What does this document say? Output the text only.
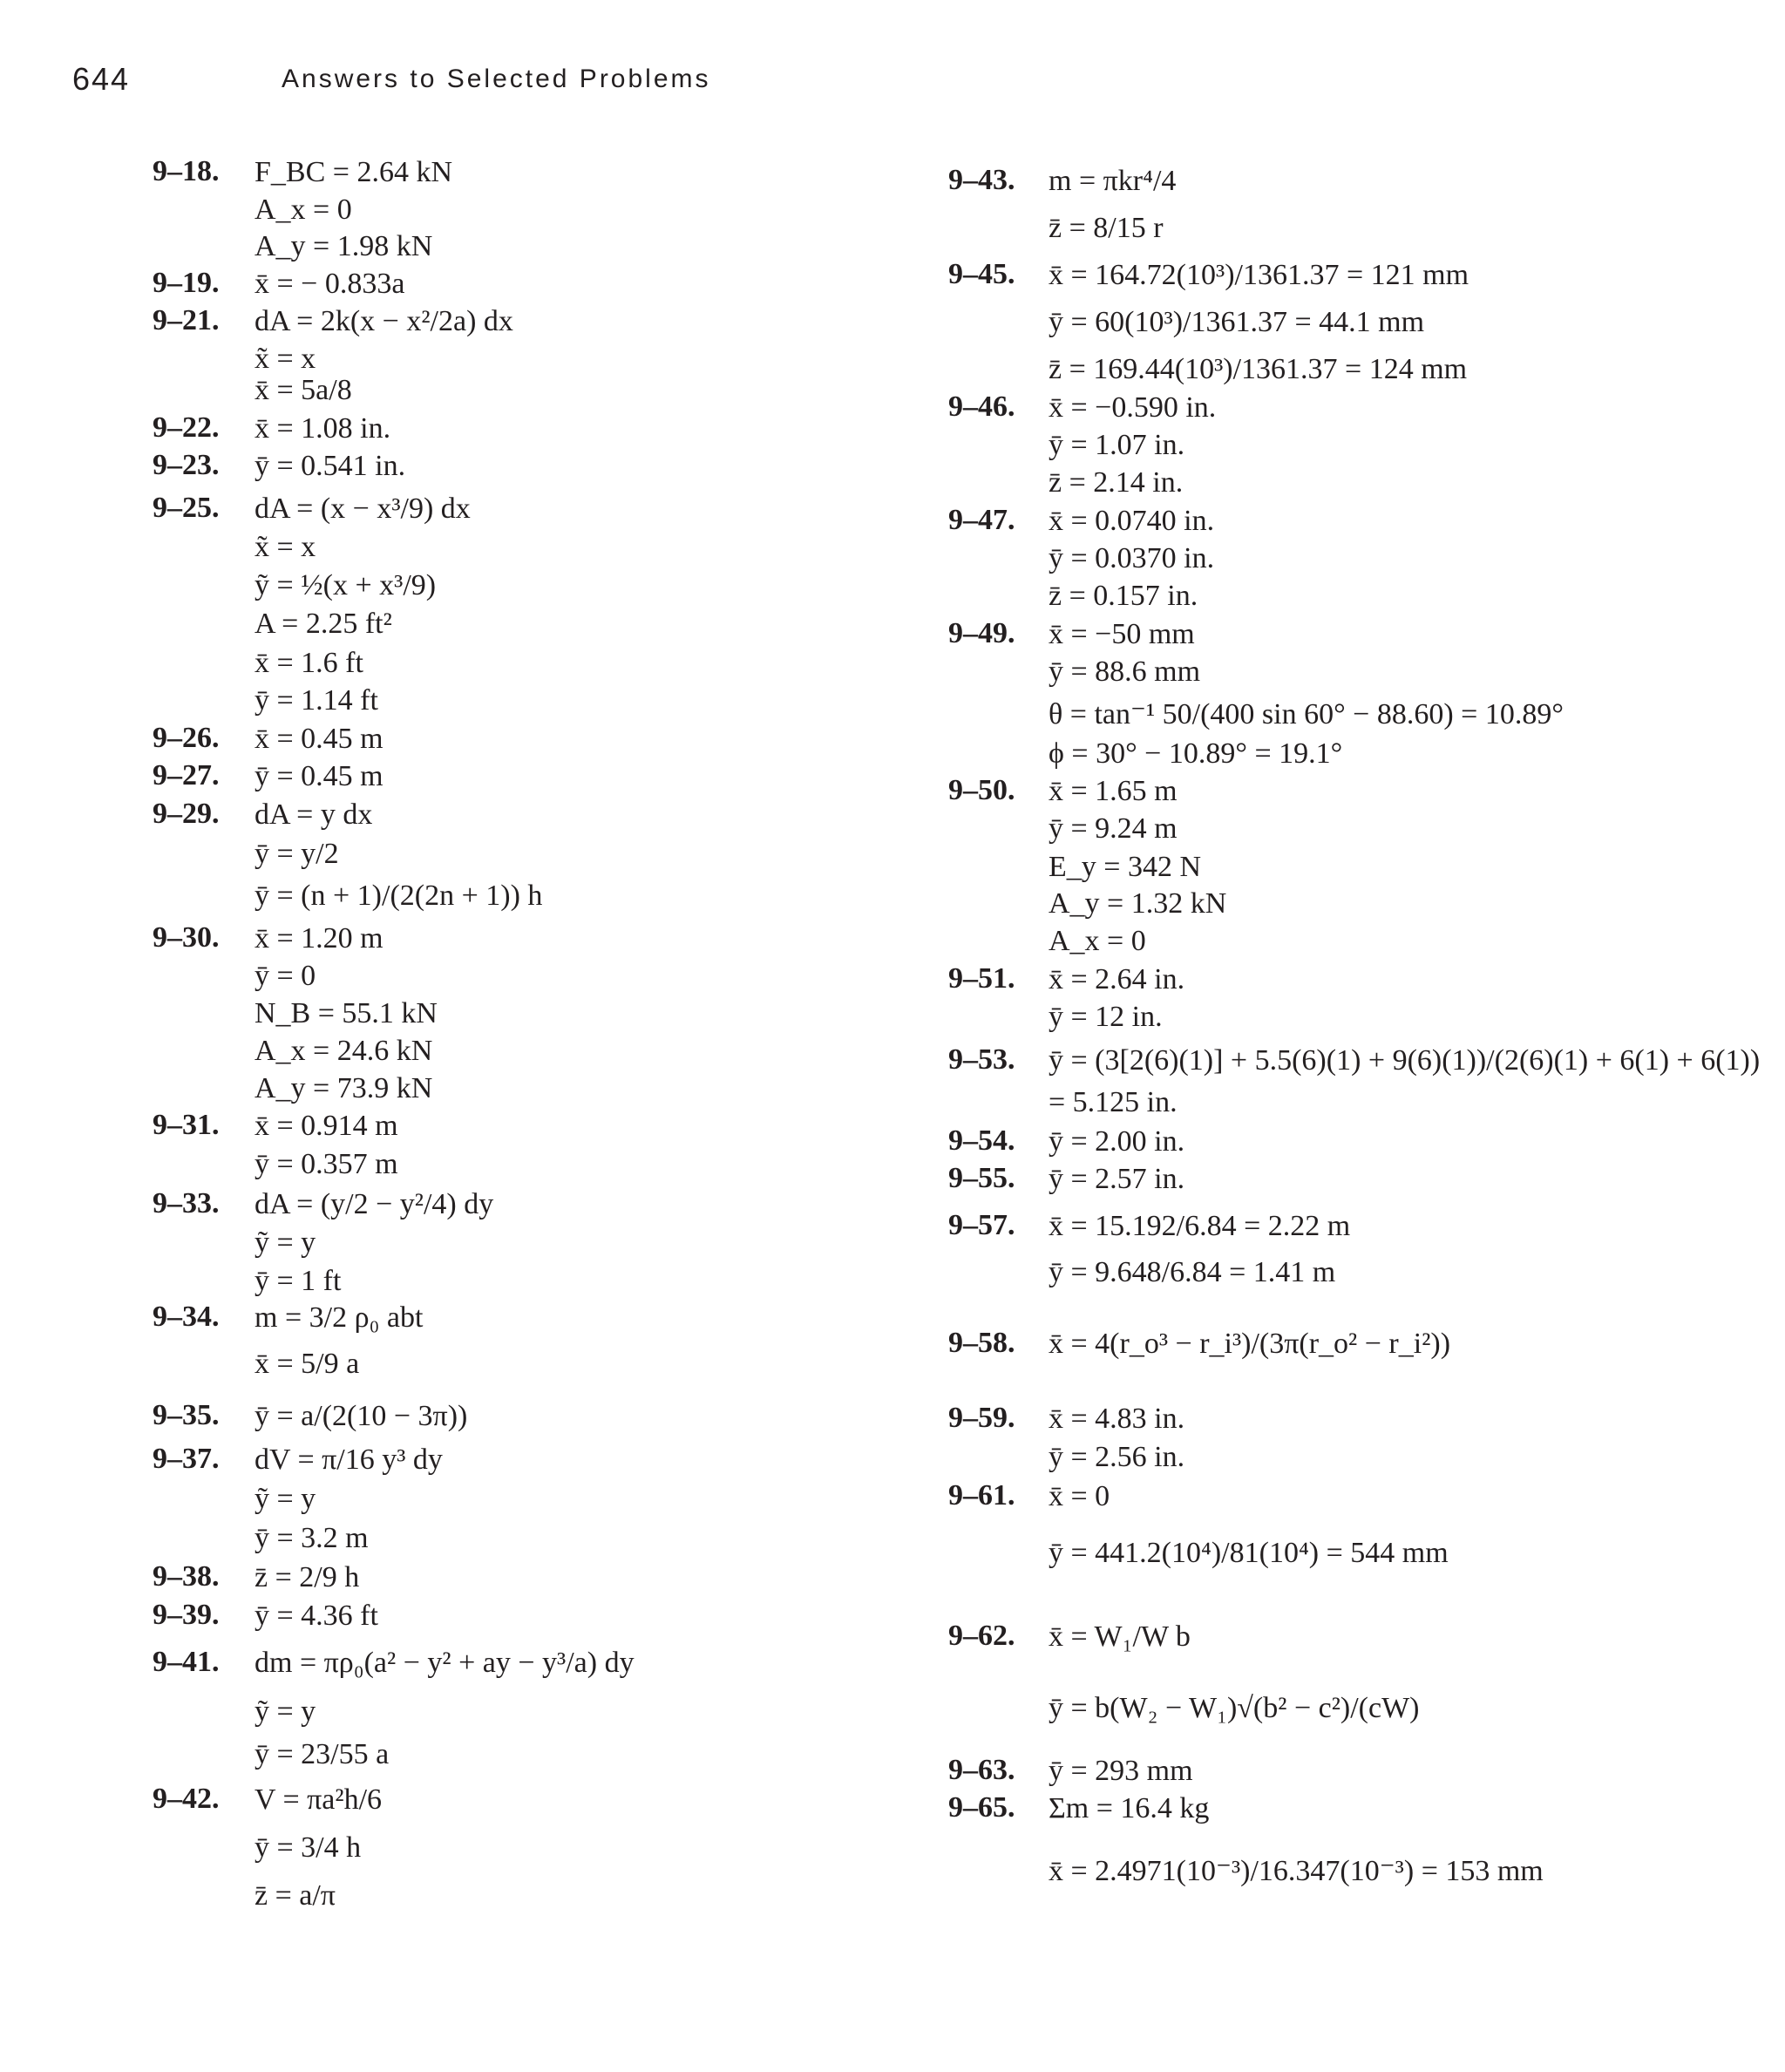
644	Answers to Selected Problems
9–18. F_BC = 2.64 kN
A_x = 0
A_y = 1.98 kN
9–19. x̄ = − 0.833a
9–21. dA = 2k(x − x²/2a) dx
x̃ = x
x̄ = 5a/8
9–22. x̄ = 1.08 in.
9–23. ȳ = 0.541 in.
9–25. dA = (x − x³/9) dx
x̃ = x
ỹ = ½(x + x³/9)
A = 2.25 ft²
x̄ = 1.6 ft
ȳ = 1.14 ft
9–26. x̄ = 0.45 m
9–27. ȳ = 0.45 m
9–29. dA = y dx
ȳ = y/2
ȳ = (n + 1)/(2(2n + 1)) h
9–30. x̄ = 1.20 m
ȳ = 0
N_B = 55.1 kN
A_x = 24.6 kN
A_y = 73.9 kN
9–31. x̄ = 0.914 m
ȳ = 0.357 m
9–33. dA = (y/2 − y²/4) dy
ỹ = y
ȳ = 1 ft
9–34. m = 3/2 ρ₀ abt
x̄ = 5/9 a
9–35. ȳ = a/(2(10 − 3π))
9–37. dV = π/16 y³ dy
ỹ = y
ȳ = 3.2 m
9–38. z̄ = 2/9 h
9–39. ȳ = 4.36 ft
9–41. dm = πρ₀(a² − y² + ay − y³/a) dy
ỹ = y
ȳ = 23/55 a
9–42. V = πa²h/6
ȳ = 3/4 h
z̄ = a/π
9–43. m = πkr⁴/4
z̄ = 8/15 r
9–45. x̄ = 164.72(10³)/1361.37 = 121 mm
ȳ = 60(10³)/1361.37 = 44.1 mm
z̄ = 169.44(10³)/1361.37 = 124 mm
9–46. x̄ = −0.590 in.
ȳ = 1.07 in.
z̄ = 2.14 in.
9–47. x̄ = 0.0740 in.
ȳ = 0.0370 in.
z̄ = 0.157 in.
9–49. x̄ = −50 mm
ȳ = 88.6 mm
θ = tan⁻¹ 50/(400 sin 60° − 88.60) = 10.89°
ϕ = 30° − 10.89° = 19.1°
9–50. x̄ = 1.65 m
ȳ = 9.24 m
E_y = 342 N
A_y = 1.32 kN
A_x = 0
9–51. x̄ = 2.64 in.
ȳ = 12 in.
9–53. ȳ = (3[2(6)(1)] + 5.5(6)(1) + 9(6)(1))/(2(6)(1) + 6(1) + 6(1))
= 5.125 in.
9–54. ȳ = 2.00 in.
9–55. ȳ = 2.57 in.
9–57. x̄ = 15.192/6.84 = 2.22 m
ȳ = 9.648/6.84 = 1.41 m
9–58. x̄ = 4(r_o³ − r_i³)/(3π(r_o² − r_i²))
9–59. x̄ = 4.83 in.
ȳ = 2.56 in.
9–61. x̄ = 0
ȳ = 441.2(10⁴)/81(10⁴) = 544 mm
9–62. x̄ = W₁/W b
ȳ = b(W₂ − W₁)√(b² − c²)/(cW)
9–63. ȳ = 293 mm
9–65. Σm = 16.4 kg
x̄ = 2.4971(10⁻³)/16.347(10⁻³) = 153 mm
